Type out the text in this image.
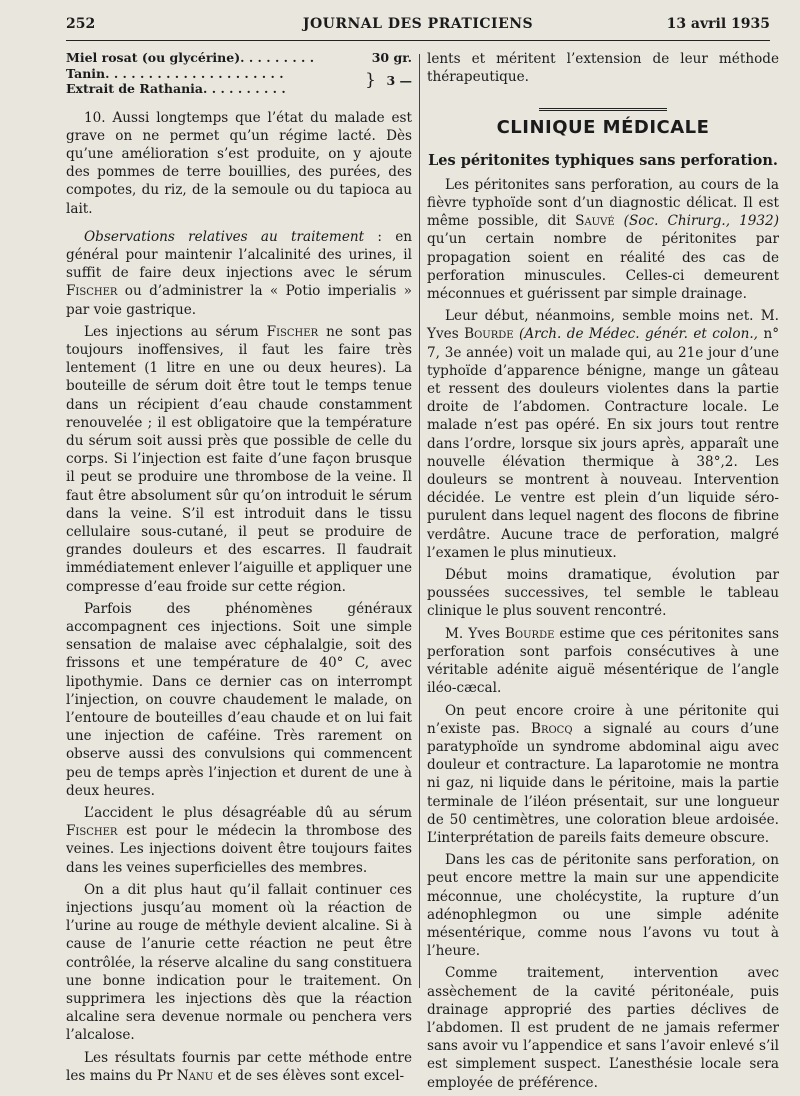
252	JOURNAL DES PRATICIENS	13 avril 1935
Miel rosat (ou glycérine). . . . . . . . .	30 gr.
Tanin. . . . . . . . . . . . . . . . . . . . .
Extrait de Rathania. . . . . . . . . .	} 3 —

10. Aussi longtemps que l’état du malade est grave on ne permet qu’un régime lacté. Dès qu’une amélioration s’est produite, on y ajoute des pommes de terre bouillies, des purées, des compotes, du riz, de la semoule ou du tapioca au lait.

Observations relatives au traitement : en général pour maintenir l’alcalinité des urines, il suffit de faire deux injections avec le sérum Fischer ou d’administrer la « Potio imperialis » par voie gastrique.

Les injections au sérum Fischer ne sont pas toujours inoffensives, il faut les faire très lentement (1 litre en une ou deux heures). La bouteille de sérum doit être tout le temps tenue dans un récipient d’eau chaude constamment renouvelée ; il est obligatoire que la température du sérum soit aussi près que possible de celle du corps. Si l’injection est faite d’une façon brusque il peut se produire une thrombose de la veine. Il faut être absolument sûr qu’on introduit le sérum dans la veine. S’il est introduit dans le tissu cellulaire sous-cutané, il peut se produire de grandes douleurs et des escarres. Il faudrait immédiatement enlever l’aiguille et appliquer une compresse d’eau froide sur cette région.

Parfois des phénomènes généraux accompagnent ces injections. Soit une simple sensation de malaise avec céphalalgie, soit des frissons et une température de 40° C, avec lipothymie. Dans ce dernier cas on interrompt l’injection, on couvre chaudement le malade, on l’entoure de bouteilles d’eau chaude et on lui fait une injection de caféine. Très rarement on observe aussi des convulsions qui commencent peu de temps après l’injection et durent de une à deux heures.

L’accident le plus désagréable dû au sérum Fischer est pour le médecin la thrombose des veines. Les injections doivent être toujours faites dans les veines superficielles des membres.

On a dit plus haut qu’il fallait continuer ces injections jusqu’au moment où la réaction de l’urine au rouge de méthyle devient alcaline. Si à cause de l’anurie cette réaction ne peut être contrôlée, la réserve alcaline du sang constituera une bonne indication pour le traitement. On supprimera les injections dès que la réaction alcaline sera devenue normale ou penchera vers l’alcalose.

Les résultats fournis par cette méthode entre les mains du Pr Nanu et de ses élèves sont excel-

lents et méritent l’extension de leur méthode thérapeutique.

CLINIQUE MÉDICALE
Les péritonites typhiques sans perforation.

Les péritonites sans perforation, au cours de la fièvre typhoïde sont d’un diagnostic délicat. Il est même possible, dit Sauvé (Soc. Chirurg., 1932) qu’un certain nombre de péritonites par propagation soient en réalité des cas de perforation minuscules. Celles-ci demeurent méconnues et guérissent par simple drainage.

Leur début, néanmoins, semble moins net. M. Yves Bourde (Arch. de Médec. génér. et colon., n° 7, 3e année) voit un malade qui, au 21e jour d’une typhoïde d’apparence bénigne, mange un gâteau et ressent des douleurs violentes dans la partie droite de l’abdomen. Contracture locale. Le malade n’est pas opéré. En six jours tout rentre dans l’ordre, lorsque six jours après, apparaît une nouvelle élévation thermique à 38°,2. Les douleurs se montrent à nouveau. Intervention décidée. Le ventre est plein d’un liquide séro-purulent dans lequel nagent des flocons de fibrine verdâtre. Aucune trace de perforation, malgré l’examen le plus minutieux.

Début moins dramatique, évolution par poussées successives, tel semble le tableau clinique le plus souvent rencontré.

M. Yves Bourde estime que ces péritonites sans perforation sont parfois consécutives à une véritable adénite aiguë mésentérique de l’angle iléo-cæcal.

On peut encore croire à une péritonite qui n’existe pas. Brocq a signalé au cours d’une paratyphoïde un syndrome abdominal aigu avec douleur et contracture. La laparotomie ne montra ni gaz, ni liquide dans le péritoine, mais la partie terminale de l’iléon présentait, sur une longueur de 50 centimètres, une coloration bleue ardoisée. L’interprétation de pareils faits demeure obscure.

Dans les cas de péritonite sans perforation, on peut encore mettre la main sur une appendicite méconnue, une cholécystite, la rupture d’un adénophlegmon ou une simple adénite mésentérique, comme nous l’avons vu tout à l’heure.

Comme traitement, intervention avec assèchement de la cavité péritonéale, puis drainage approprié des parties déclives de l’abdomen. Il est prudent de ne jamais refermer sans avoir vu l’appendice et sans l’avoir enlevé s’il est simplement suspect. L’anesthésie locale sera employée de préférence.
